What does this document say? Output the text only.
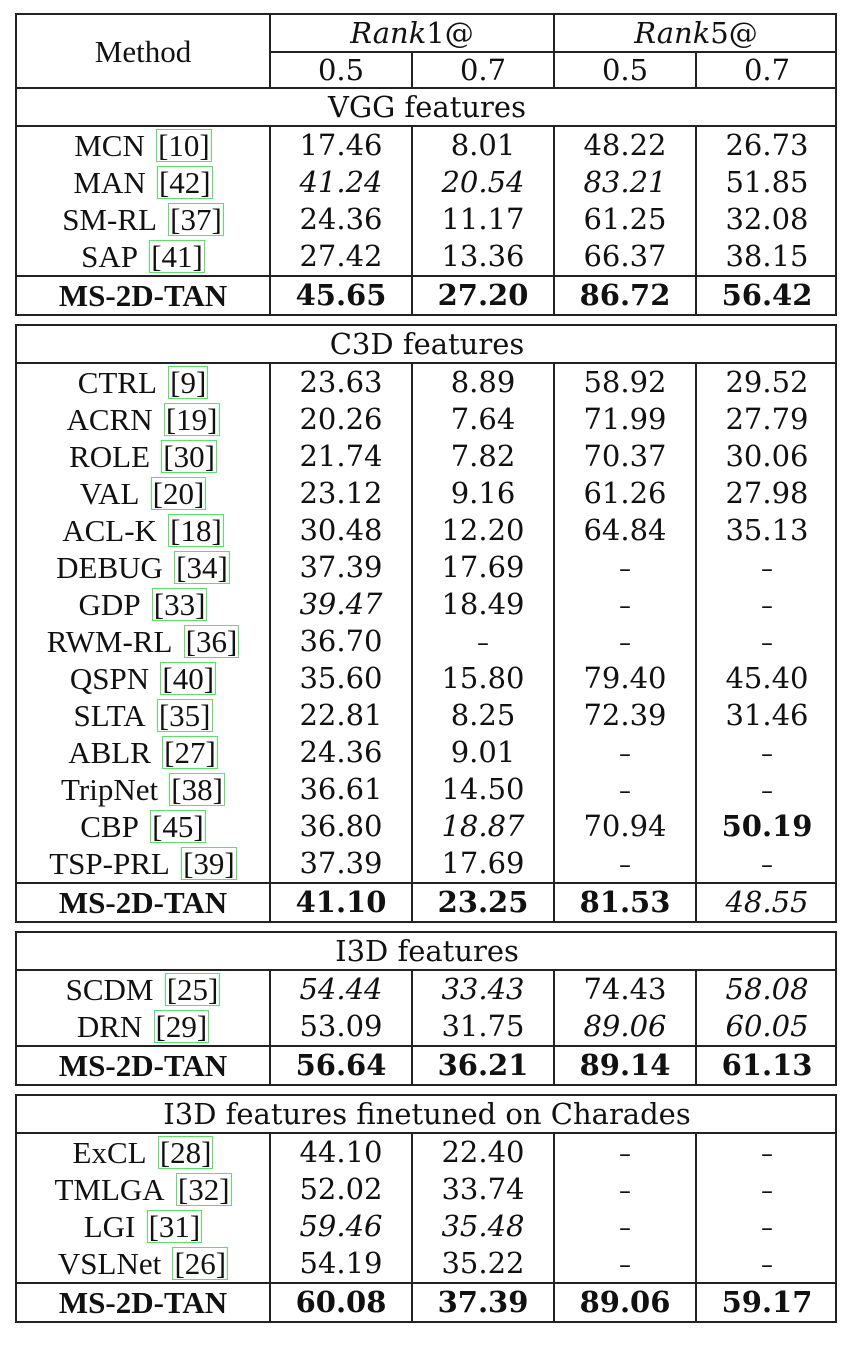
Method	Rank1@		Rank5@	
	0.5	0.7	0.5	0.7
VGG features				
MCN [10]	17.46	8.01	48.22	26.73
MAN [42]	41.24	20.54	83.21	51.85
SM-RL [37]	24.36	11.17	61.25	32.08
SAP [41]	27.42	13.36	66.37	38.15
MS-2D-TAN	45.65	27.20	86.72	56.42
C3D features				
CTRL [9]	23.63	8.89	58.92	29.52
ACRN [19]	20.26	7.64	71.99	27.79
ROLE [30]	21.74	7.82	70.37	30.06
VAL [20]	23.12	9.16	61.26	27.98
ACL-K [18]	30.48	12.20	64.84	35.13
DEBUG [34]	37.39	17.69	–	–
GDP [33]	39.47	18.49	–	–
RWM-RL [36]	36.70	–	–	–
QSPN [40]	35.60	15.80	79.40	45.40
SLTA [35]	22.81	8.25	72.39	31.46
ABLR [27]	24.36	9.01	–	–
TripNet [38]	36.61	14.50	–	–
CBP [45]	36.80	18.87	70.94	50.19
TSP-PRL [39]	37.39	17.69	–	–
MS-2D-TAN	41.10	23.25	81.53	48.55
I3D features				
SCDM [25]	54.44	33.43	74.43	58.08
DRN [29]	53.09	31.75	89.06	60.05
MS-2D-TAN	56.64	36.21	89.14	61.13
I3D features finetuned on Charades				
ExCL [28]	44.10	22.40	–	–
TMLGA [32]	52.02	33.74	–	–
LGI [31]	59.46	35.48	–	–
VSLNet [26]	54.19	35.22	–	–
MS-2D-TAN	60.08	37.39	89.06	59.17
